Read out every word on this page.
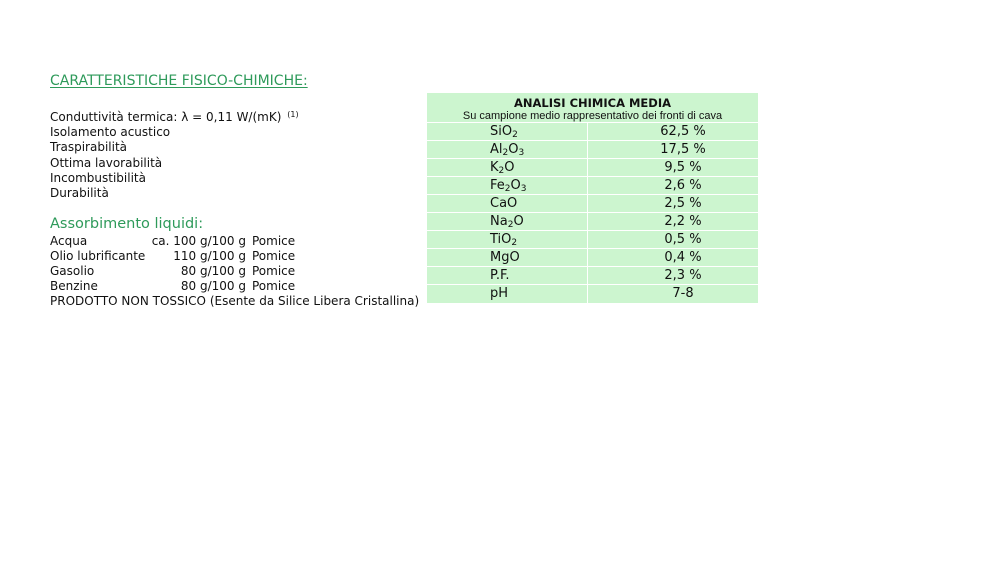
CARATTERISTICHE FISICO-CHIMICHE:
Conduttività termica: λ = 0,11 W/(mK) $^{(1)}$
Isolamento acustico
Traspirabilità
Ottima lavorabilità
Incombustibilità
Durabilità
Assorbimento liquidi:
Acqua	ca. 100 g/100 g Pomice
Olio lubrificante	110 g/100 g Pomice
Gasolio	80 g/100 g Pomice
Benzine	80 g/100 g Pomice
PRODOTTO NON TOSSICO (Esente da Silice Libera Cristallina)
ANALISI CHIMICA MEDIA
Su campione medio rappresentativo dei fronti di cava
SiO$_2$	62,5 %
$Al_2O_3$	17,5 %
$K_2O$	9,5 %
$Fe_2O_3$	2,6 %
CaO	2,5 %
$Na_2O$	2,2 %
TiO$_2$	0,5 %
MgO	0,4 %
P.F.	2,3 %
pH	7-8
